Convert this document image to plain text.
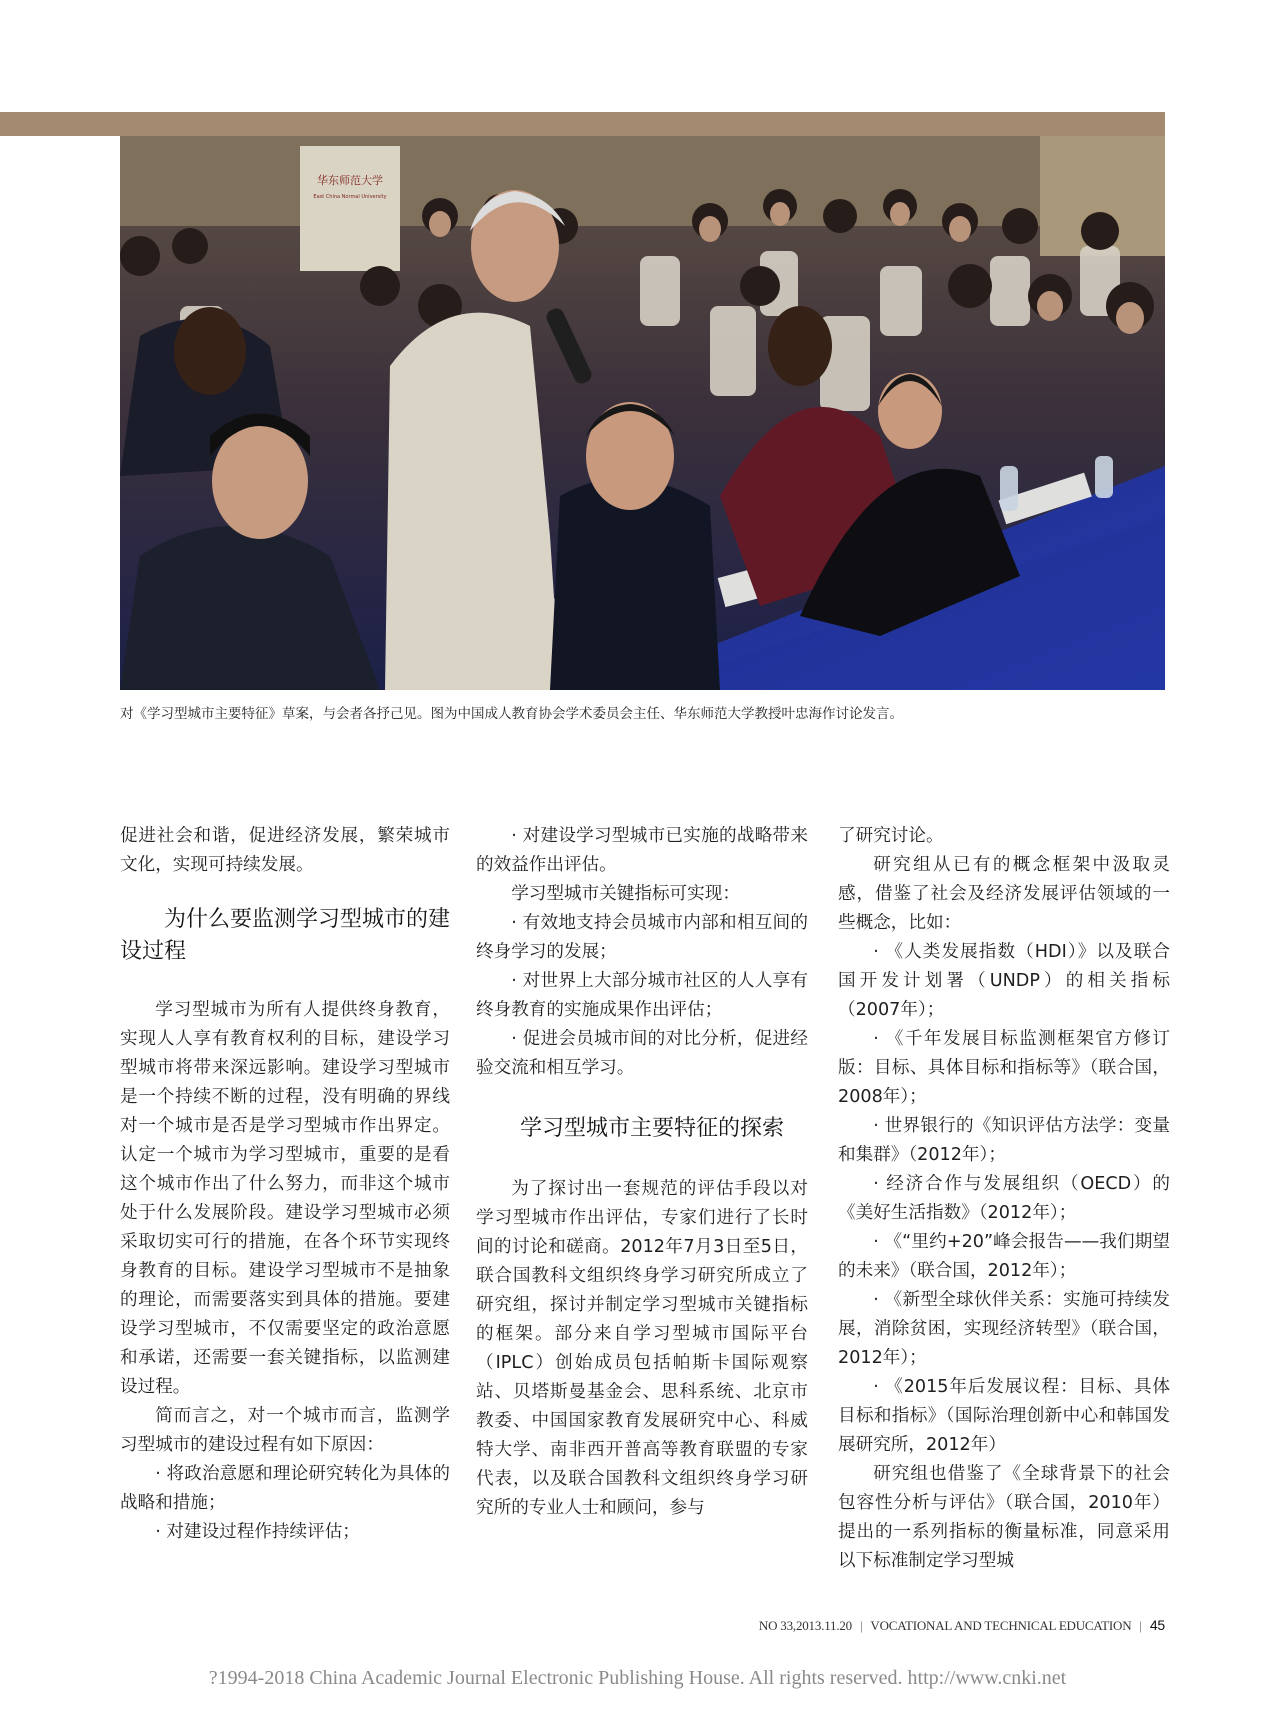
华东师范大学
East China Normal University
对《学习型城市主要特征》草案，与会者各抒己见。图为中国成人教育协会学术委员会主任、华东师范大学教授叶忠海作讨论发言。

促进社会和谐，促进经济发展，繁荣城市文化，实现可持续发展。

为什么要监测学习型城市的建设过程

学习型城市为所有人提供终身教育，实现人人享有教育权利的目标，建设学习型城市将带来深远影响。建设学习型城市是一个持续不断的过程，没有明确的界线对一个城市是否是学习型城市作出界定。认定一个城市为学习型城市，重要的是看这个城市作出了什么努力，而非这个城市处于什么发展阶段。建设学习型城市必须采取切实可行的措施，在各个环节实现终身教育的目标。建设学习型城市不是抽象的理论，而需要落实到具体的措施。要建设学习型城市，不仅需要坚定的政治意愿和承诺，还需要一套关键指标，以监测建设过程。

简而言之，对一个城市而言，监测学习型城市的建设过程有如下原因：

· 将政治意愿和理论研究转化为具体的战略和措施；

· 对建设过程作持续评估；

· 对建设学习型城市已实施的战略带来的效益作出评估。

学习型城市关键指标可实现：

· 有效地支持会员城市内部和相互间的终身学习的发展；

· 对世界上大部分城市社区的人人享有终身教育的实施成果作出评估；

· 促进会员城市间的对比分析，促进经验交流和相互学习。

学习型城市主要特征的探索

为了探讨出一套规范的评估手段以对学习型城市作出评估，专家们进行了长时间的讨论和磋商。2012年7月3日至5日，联合国教科文组织终身学习研究所成立了研究组，探讨并制定学习型城市关键指标的框架。部分来自学习型城市国际平台（IPLC）创始成员包括帕斯卡国际观察站、贝塔斯曼基金会、思科系统、北京市教委、中国国家教育发展研究中心、科威特大学、南非西开普高等教育联盟的专家代表，以及联合国教科文组织终身学习研究所的专业人士和顾问，参与

了研究讨论。

研究组从已有的概念框架中汲取灵感，借鉴了社会及经济发展评估领域的一些概念，比如：

· 《人类发展指数（HDI）》以及联合国开发计划署（UNDP）的相关指标（2007年）；

· 《千年发展目标监测框架官方修订版：目标、具体目标和指标等》（联合国，2008年）；

· 世界银行的《知识评估方法学：变量和集群》（2012年）；

· 经济合作与发展组织（OECD）的《美好生活指数》（2012年）；

· 《“里约+20”峰会报告——我们期望的未来》（联合国，2012年）；

· 《新型全球伙伴关系：实施可持续发展，消除贫困，实现经济转型》（联合国，2012年）；

· 《2015年后发展议程：目标、具体目标和指标》（国际治理创新中心和韩国发展研究所，2012年）

研究组也借鉴了《全球背景下的社会包容性分析与评估》（联合国，2010年）提出的一系列指标的衡量标准，同意采用以下标准制定学习型城

NO 33,2013.11.20 | VOCATIONAL AND TECHNICAL EDUCATION | 45
?1994-2018 China Academic Journal Electronic Publishing House. All rights reserved. http://www.cnki.net
